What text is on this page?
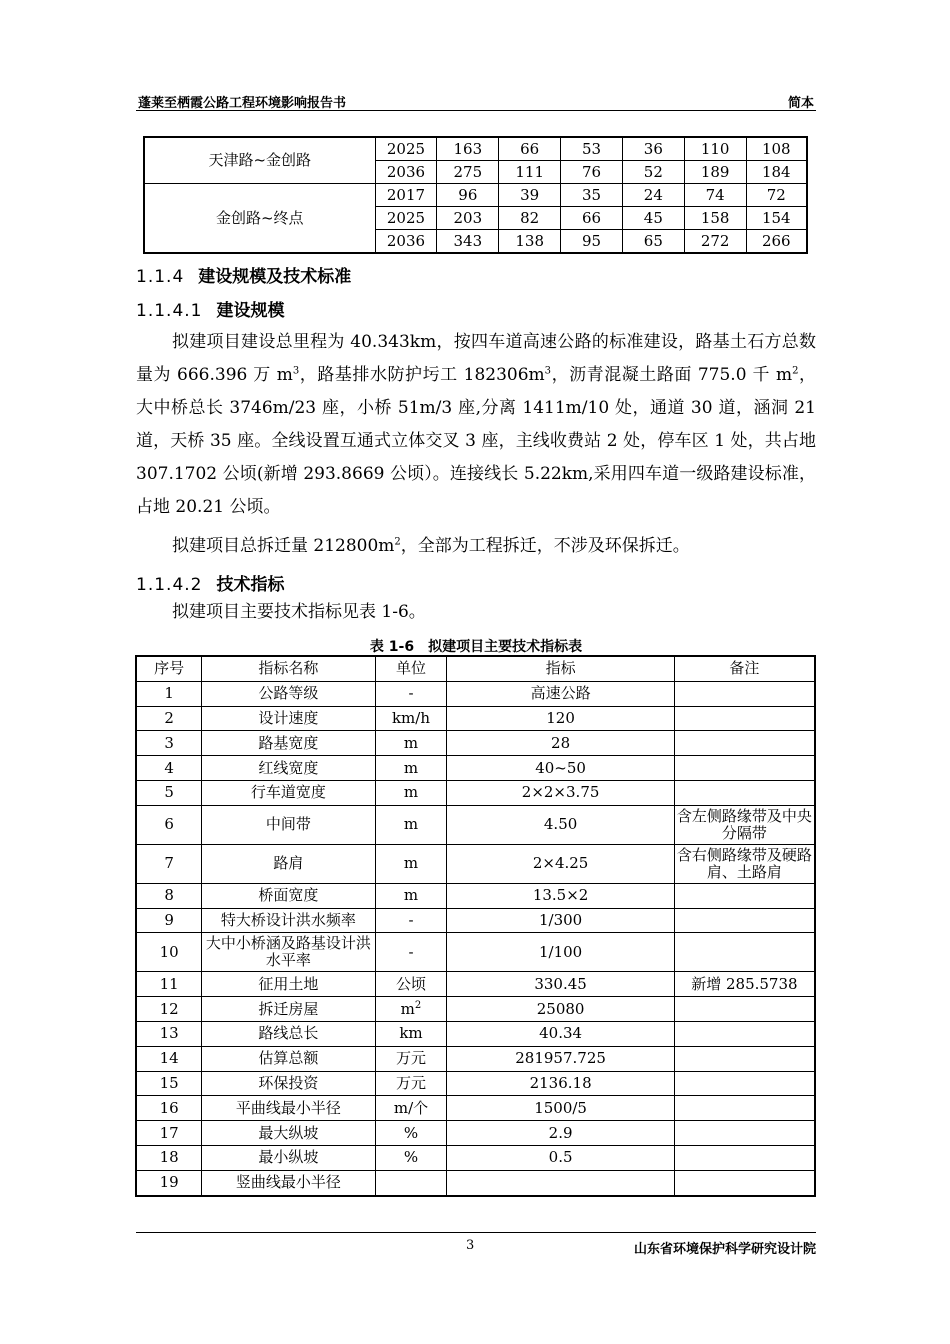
蓬莱至栖霞公路工程环境影响报告书	简本
天津路~金创路	2025	163	66	53	36	110	108
	2036	275	111	76	52	189	184
金创路~终点	2017	96	39	35	24	74	72
	2025	203	82	66	45	158	154
	2036	343	138	95	65	272	266
1.1.4 建设规模及技术标准
1.1.4.1 建设规模
拟建项目建设总里程为 40.343km，按四车道高速公路的标准建设，路基土石方总数量为 666.396 万 $m^3$，路基排水防护圬工 $182306m^3$，沥青混凝土路面 775.0 千 $m^2$，大中桥总长 3746m/23 座，小桥 51m/3 座,分离 1411m/10 处，通道 30 道，涵洞 21 道，天桥 35 座。全线设置互通式立体交叉 3 座，主线收费站 2 处，停车区 1 处，共占地 307.1702 公顷(新增 293.8669 公顷）。连接线长 5.22km,采用四车道一级路建设标准，占地 20.21 公顷。
拟建项目总拆迁量 $212800m^2$，全部为工程拆迁，不涉及环保拆迁。
1.1.4.2 技术指标
拟建项目主要技术指标见表 1-6。
表 1-6　拟建项目主要技术指标表
序号	指标名称	单位	指标	备注
1	公路等级	-	高速公路	
2	设计速度	km/h	120	
3	路基宽度	m	28	
4	红线宽度	m	40~50	
5	行车道宽度	m	2×2×3.75	
6	中间带	m	4.50	含左侧路缘带及中央分隔带
7	路肩	m	2×4.25	含右侧路缘带及硬路肩、土路肩
8	桥面宽度	m	13.5×2	
9	特大桥设计洪水频率	-	1/300	
10	大中小桥涵及路基设计洪水平率	-	1/100	
11	征用土地	公顷	330.45	新增 285.5738
12	拆迁房屋	$m^2$	25080	
13	路线总长	km	40.34	
14	估算总额	万元	281957.725	
15	环保投资	万元	2136.18	
16	平曲线最小半径	m/个	1500/5	
17	最大纵坡	%	2.9	
18	最小纵坡	%	0.5	
19	竖曲线最小半径			
3	山东省环境保护科学研究设计院
